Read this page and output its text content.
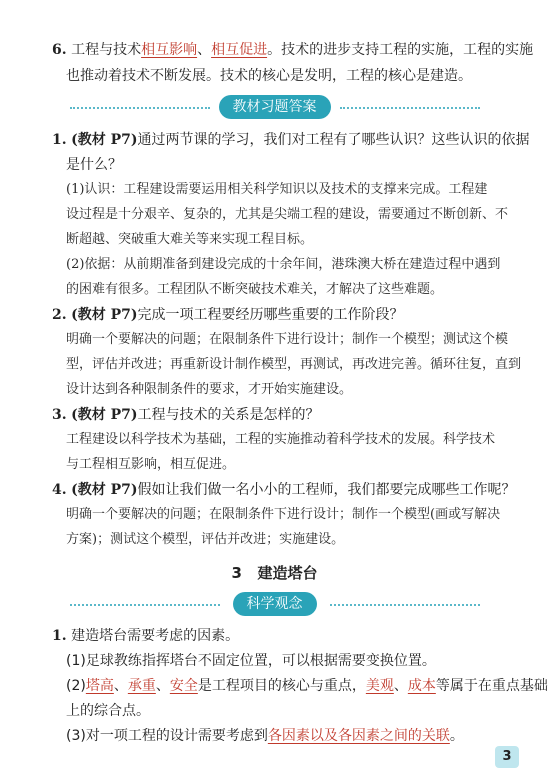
6. 工程与技术相互影响、相互促进。技术的进步支持工程的实施，工程的实施
也推动着技术不断发展。技术的核心是发明，工程的核心是建造。
教材习题答案
1. (教材 P7)通过两节课的学习，我们对工程有了哪些认识？这些认识的依据
是什么？
(1)认识：工程建设需要运用相关科学知识以及技术的支撑来完成。工程建
设过程是十分艰辛、复杂的，尤其是尖端工程的建设，需要通过不断创新、不
断超越、突破重大难关等来实现工程目标。
(2)依据：从前期准备到建设完成的十余年间，港珠澳大桥在建造过程中遇到
的困难有很多。工程团队不断突破技术难关，才解决了这些难题。
2. (教材 P7)完成一项工程要经历哪些重要的工作阶段？
明确一个要解决的问题；在限制条件下进行设计；制作一个模型；测试这个模
型，评估并改进；再重新设计制作模型，再测试，再改进完善。循环往复，直到
设计达到各种限制条件的要求，才开始实施建设。
3. (教材 P7)工程与技术的关系是怎样的？
工程建设以科学技术为基础，工程的实施推动着科学技术的发展。科学技术
与工程相互影响，相互促进。
4. (教材 P7)假如让我们做一名小小的工程师，我们都要完成哪些工作呢？
明确一个要解决的问题；在限制条件下进行设计；制作一个模型(画或写解决
方案)；测试这个模型，评估并改进；实施建设。
3 建造塔台
科学观念
1. 建造塔台需要考虑的因素。
(1)足球教练指挥塔台不固定位置，可以根据需要变换位置。
(2)塔高、承重、安全是工程项目的核心与重点，美观、成本等属于在重点基础
上的综合点。
(3)对一项工程的设计需要考虑到各因素以及各因素之间的关联。
3
